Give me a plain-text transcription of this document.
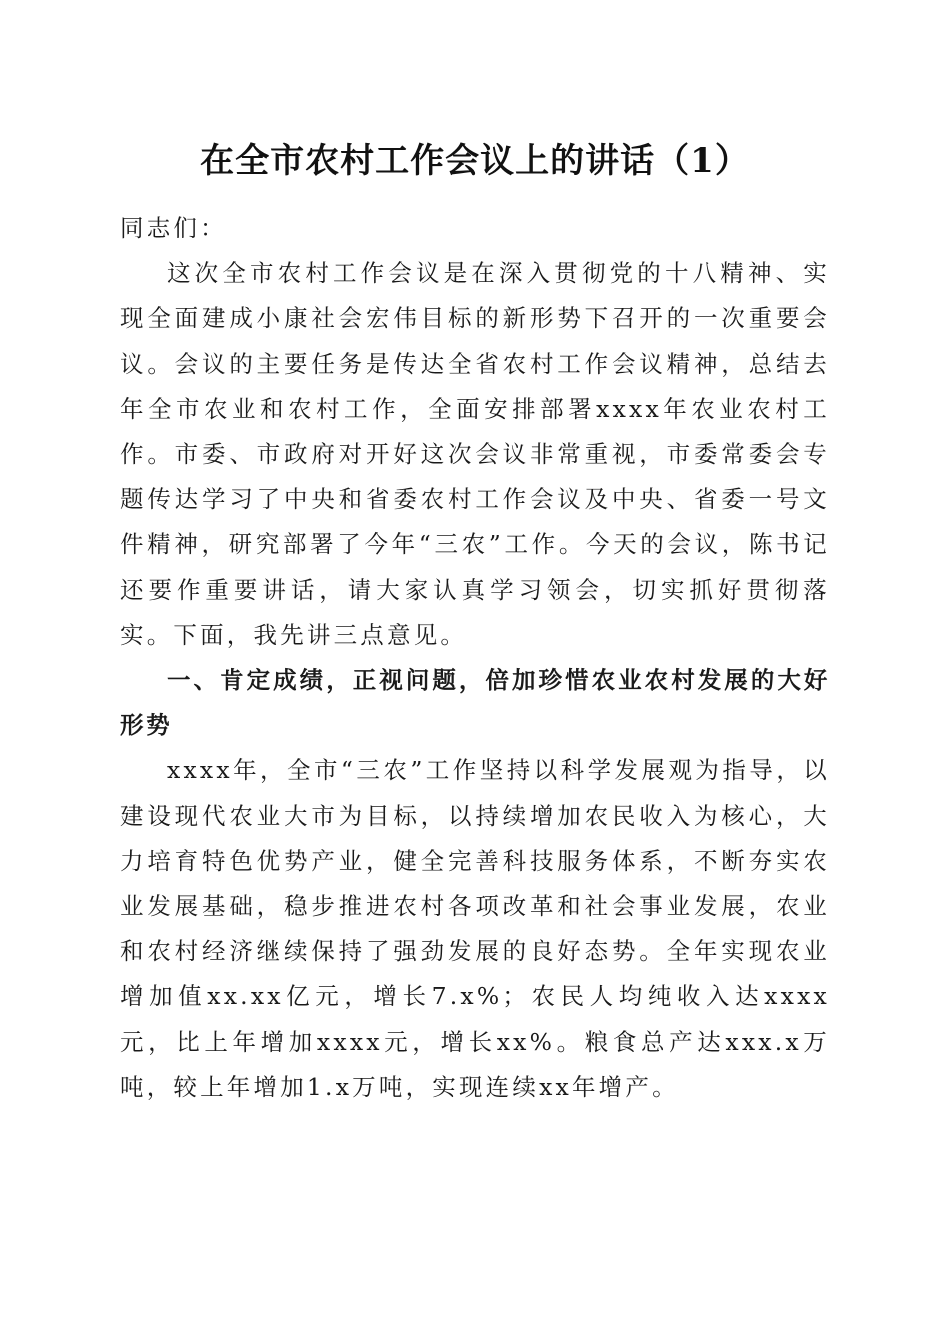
在全市农村工作会议上的讲话（1）

同志们：

这次全市农村工作会议是在深入贯彻党的十八精神、实现全面建成小康社会宏伟目标的新形势下召开的一次重要会议。会议的主要任务是传达全省农村工作会议精神，总结去年全市农业和农村工作，全面安排部署xxxx年农业农村工作。市委、市政府对开好这次会议非常重视，市委常委会专题传达学习了中央和省委农村工作会议及中央、省委一号文件精神，研究部署了今年“三农”工作。今天的会议，陈书记还要作重要讲话，请大家认真学习领会，切实抓好贯彻落实。下面，我先讲三点意见。

一、肯定成绩，正视问题，倍加珍惜农业农村发展的大好形势

xxxx年，全市“三农”工作坚持以科学发展观为指导，以建设现代农业大市为目标，以持续增加农民收入为核心，大力培育特色优势产业，健全完善科技服务体系，不断夯实农业发展基础，稳步推进农村各项改革和社会事业发展，农业和农村经济继续保持了强劲发展的良好态势。全年实现农业增加值xx.xx亿元，增长7.x%；农民人均纯收入达xxxx元，比上年增加xxxx元，增长xx%。粮食总产达xxx.x万吨，较上年增加1.x万吨，实现连续xx年增产。
